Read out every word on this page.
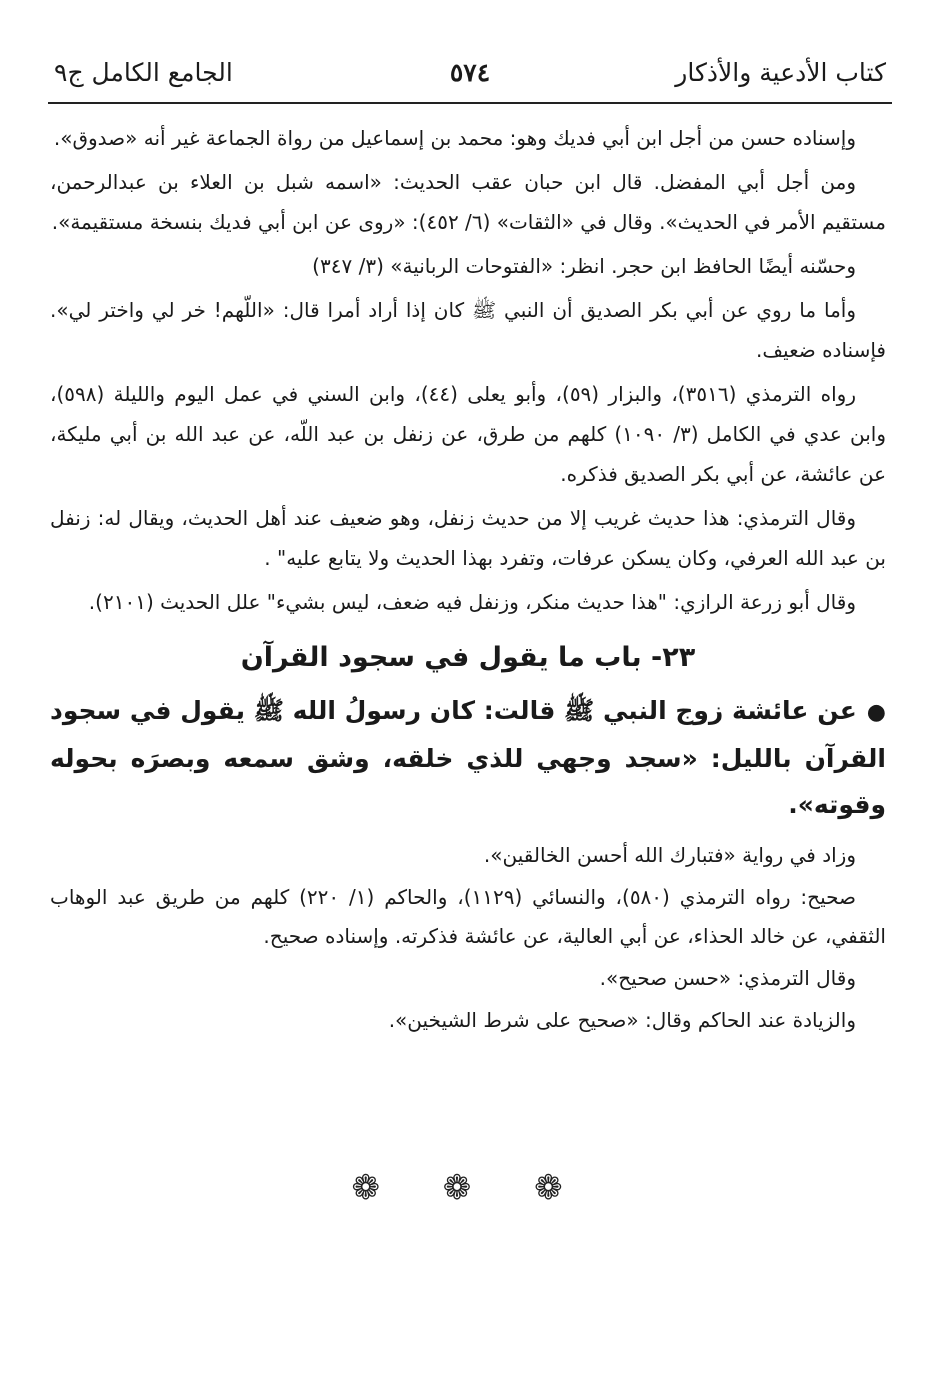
كتاب الأدعية والأذكار
٥٧٤
الجامع الكامل ج٩

وإسناده حسن من أجل ابن أبي فديك وهو: محمد بن إسماعيل من رواة الجماعة غير أنه «صدوق».

ومن أجل أبي المفضل. قال ابن حبان عقب الحديث: «اسمه شبل بن العلاء بن عبدالرحمن، مستقيم الأمر في الحديث». وقال في «الثقات» (٦/ ٤٥٢): «روى عن ابن أبي فديك بنسخة مستقيمة».

وحسّنه أيضًا الحافظ ابن حجر. انظر: «الفتوحات الربانية» (٣/ ٣٤٧)

وأما ما روي عن أبي بكر الصديق أن النبي ﷺ كان إذا أراد أمرا قال: «اللّهم! خر لي واختر لي». فإسناده ضعيف.

رواه الترمذي (٣٥١٦)، والبزار (٥٩)، وأبو يعلى (٤٤)، وابن السني في عمل اليوم والليلة (٥٩٨)، وابن عدي في الكامل (٣/ ١٠٩٠) كلهم من طرق، عن زنفل بن عبد اللّه، عن عبد الله بن أبي مليكة، عن عائشة، عن أبي بكر الصديق فذكره.

وقال الترمذي: هذا حديث غريب إلا من حديث زنفل، وهو ضعيف عند أهل الحديث، ويقال له: زنفل بن عبد الله العرفي، وكان يسكن عرفات، وتفرد بهذا الحديث ولا يتابع عليه" .

وقال أبو زرعة الرازي: "هذا حديث منكر، وزنفل فيه ضعف، ليس بشيء" علل الحديث (٢١٠١).

٢٣- باب ما يقول في سجود القرآن

●عن عائشة زوج النبي ﷺ قالت: كان رسولُ الله ﷺ يقول في سجود القرآن بالليل: «سجد وجهي للذي خلقه، وشق سمعه وبصرَه بحوله وقوته».

وزاد في رواية «فتبارك الله أحسن الخالقين».

صحيح: رواه الترمذي (٥٨٠)، والنسائي (١١٢٩)، والحاكم (١/ ٢٢٠) كلهم من طريق عبد الوهاب الثقفي، عن خالد الحذاء، عن أبي العالية، عن عائشة فذكرته. وإسناده صحيح.

وقال الترمذي: «حسن صحيح».

والزيادة عند الحاكم وقال: «صحيح على شرط الشيخين».

❁ ❁ ❁
